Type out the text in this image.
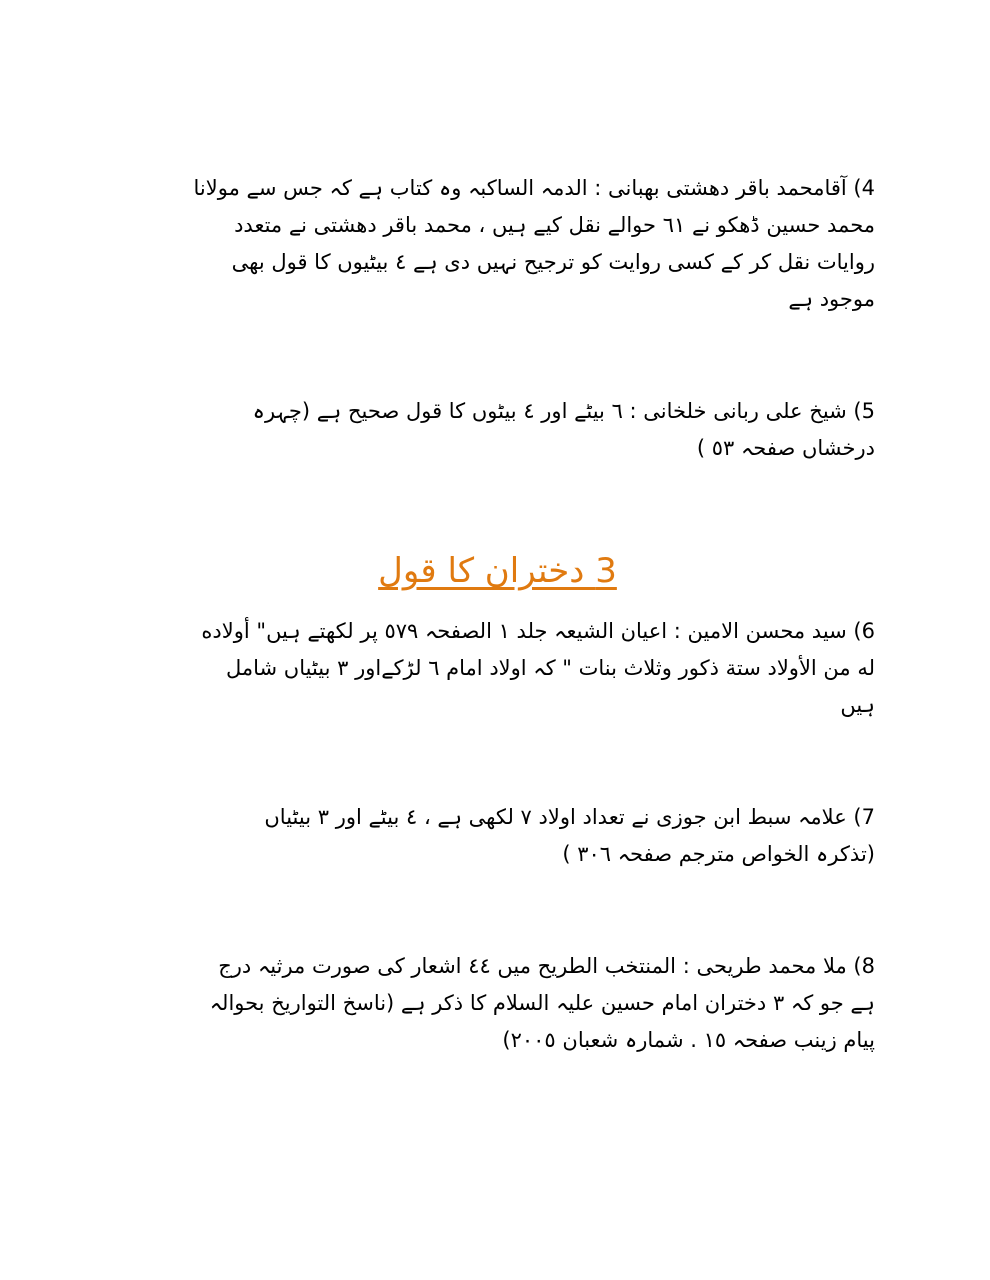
4) آقامحمد باقر دهشتی بهبانی : الدمہ الساکبہ وہ کتاب ہے کہ جس سے مولانا
محمد حسین ڈھکو نے ٦١ حوالے نقل کیے ہیں ، محمد باقر دهشتی نے متعدد
روایات نقل کر کے کسی روایت کو ترجیح نہیں دی ہے ٤ بیٹیوں کا قول بھی
موجود ہے
5) شیخ علی ربانی خلخانی : ٦ بیٹے اور ٤ بیٹوں کا قول صحیح ہے (چہرہ
درخشاں صفحہ ٥٣ )
3 دختران کا قول
6) سید محسن الامین : اعیان الشیعہ جلد ١ الصفحہ ٥٧٩ پر لکھتے ہیں" أولاده
له من الأولاد ستة ذكور وثلاث بنات " کہ اولاد امام ٦ لڑکےاور ٣ بیٹیاں شامل
ہیں
7) علامہ سبط ابن جوزی نے تعداد اولاد ٧ لکھی ہے ، ٤ بیٹے اور ٣ بیٹیاں
(تذکرہ الخواص مترجم صفحہ ٣٠٦ )
8) ملا محمد طریحی : المنتخب الطریح میں ٤٤ اشعار کی صورت مرثیہ درج
ہے جو کہ ٣ دختران امام حسین علیہ السلام کا ذکر ہے (ناسخ التواریخ بحوالہ
پیام زینب صفحہ ١٥ . شمارہ شعبان ٢٠٠٥)
